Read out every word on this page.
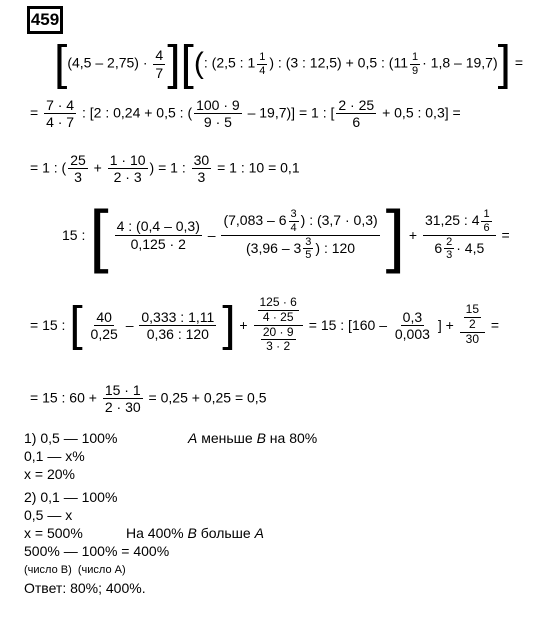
459
[$(4,5 - 2,75) \cdot \frac{4}{7}$ ][(: (2,5 : $1 \frac{1}{4}$ ) : (3 : 12,5) + 0,5 : $(11 \frac{1}{9} \cdot 1,8 - 19,7)$] =
= $\frac{7 \cdot 4}{4 \cdot 7}$ : [2 : 0,24 + 0,5 : ( $\frac{100 \cdot 9}{9 \cdot 5} - 19,7)] = 1$ : [ $\frac{2 \cdot 25}{6} + 0,5$ : 0,3] =
= 1 : ( $\frac{25}{3} + \frac{1 \cdot 10}{2 \cdot 3}$ ) = 1 : $\frac{30}{3} = 1$ : 10 = 0,1
15 : [ $\frac{4 : (0,4 - 0,3)}{0,125 \cdot 2} - \frac{(7,083 - 6 \frac{3}{4} ) : (3,7 \cdot 0,3)}{(3,96 - 3 \frac{3}{5} ) : 120}$ ] + $\frac{31,25 : 4 \frac{1}{6}}{6 \frac{2}{3} \cdot 4,5}$ =
= 15 : [ $\frac{40}{0,25} - \frac{0,333 : 1,11}{0,36 : 120}$ ] + $\frac{\frac{125 \cdot 6}{4 \cdot 25}}{\frac{20 \cdot 9}{3 \cdot 2}} = 15$ : [$160 - \frac{0,3}{0,003}$ ] + $\frac{\frac{15}{2}}{30}$ =
= 15 : $60 + \frac{15 \cdot 1}{2 \cdot 30} = 0,25 + 0,25 = 0,5$
1) 0,5 — 100%	A меньше B на 80%
0,1 — x%
x = 20%
2) 0,1 — 100%
0,5 — x
x = 500%	На 400% B больше A
500% — 100% = 400%
(число B) (число A)
Ответ: 80%; 400%.
